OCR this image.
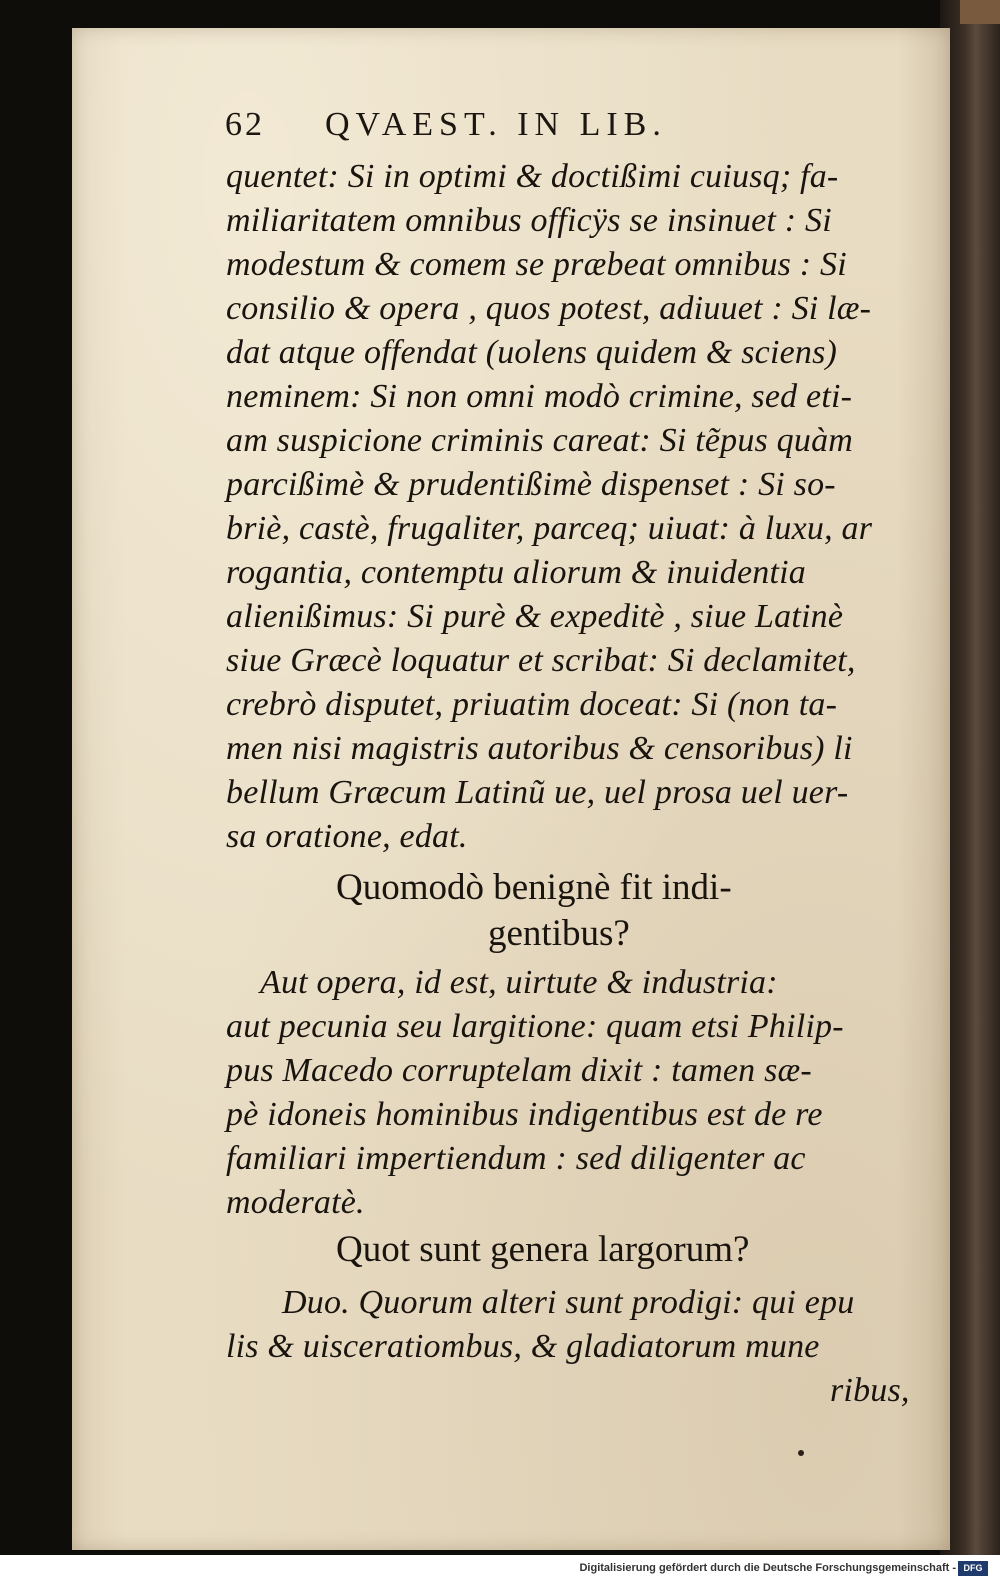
62 QVAEST. IN LIB.
quentet: Si in optimi & doctißimi cuiusq; fa-
miliaritatem omnibus officÿs se insinuet : Si
modestum & comem se præbeat omnibus : Si
consilio & opera , quos potest, adiuuet : Si læ-
dat atque offendat (uolens quidem & sciens)
neminem: Si non omni modò crimine, sed eti-
am suspicione criminis careat: Si tẽpus quàm
parcißimè & prudentißimè dispenset : Si so-
briè, castè, frugaliter, parceq; uiuat: à luxu, ar
rogantia, contemptu aliorum & inuidentia
alienißimus: Si purè & expeditè , siue Latinè
siue Græcè loquatur et scribat: Si declamitet,
crebrò disputet, priuatim doceat: Si (non ta-
men nisi magistris autoribus & censoribus) li
bellum Græcum Latinũ ue, uel prosa uel uer-
sa oratione, edat.
Quomodò benignè fit indi-
gentibus?
Aut opera, id est, uirtute & industria:
aut pecunia seu largitione: quam etsi Philip-
pus Macedo corruptelam dixit : tamen sæ-
pè idoneis hominibus indigentibus est de re
familiari impertiendum : sed diligenter ac
moderatè.
Quot sunt genera largorum?
Duo. Quorum alteri sunt prodigi: qui epu
lis & uisceratiombus, & gladiatorum mune
ribus,
Digitalisierung gefördert durch die Deutsche Forschungsgemeinschaft - DFG
